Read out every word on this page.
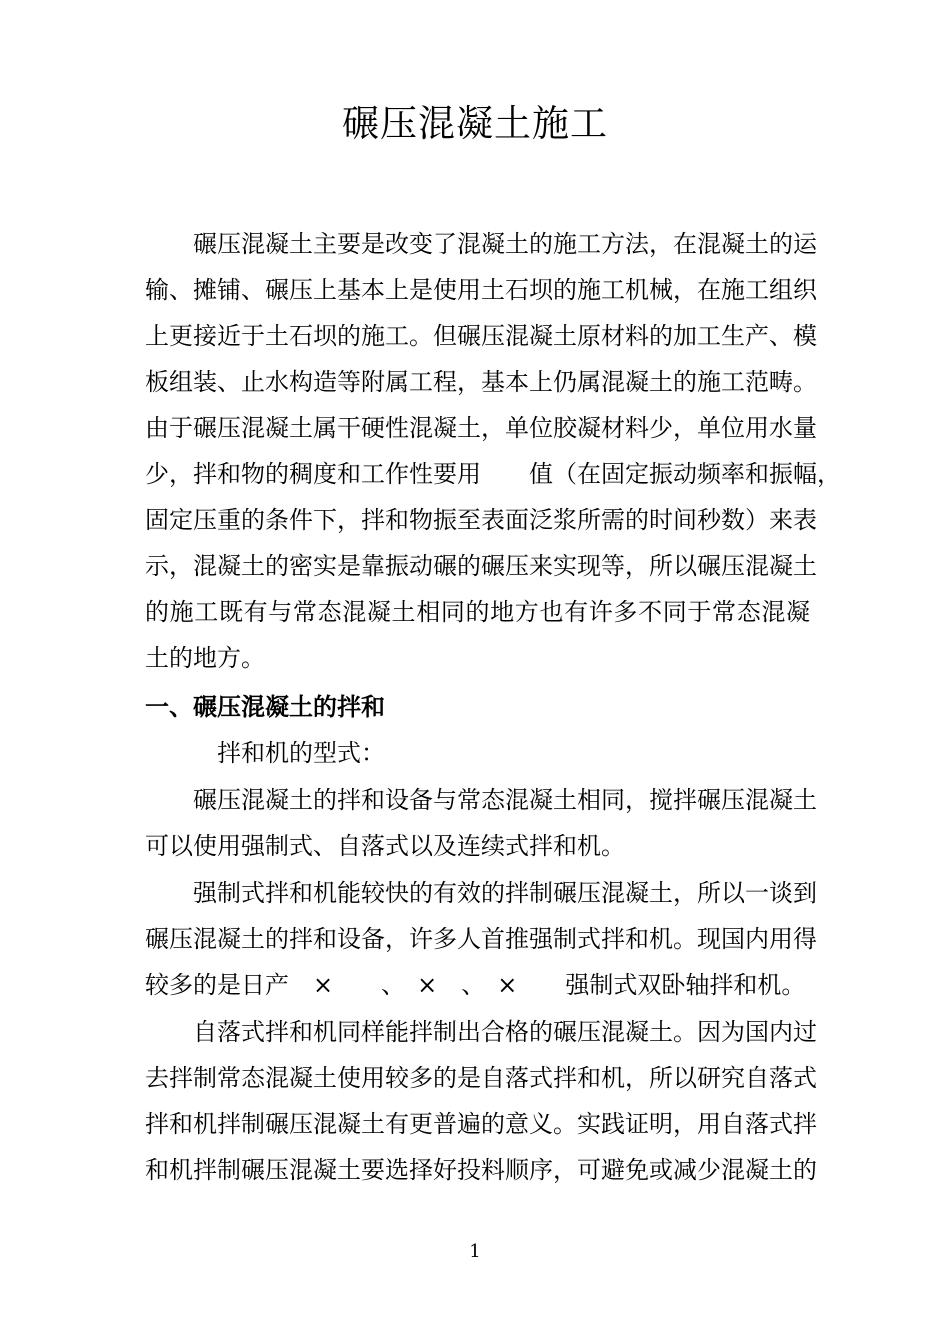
碾压混凝土施工
碾压混凝土主要是改变了混凝土的施工方法，在混凝土的运
输、摊铺、碾压上基本上是使用土石坝的施工机械，在施工组织
上更接近于土石坝的施工。但碾压混凝土原材料的加工生产、模
板组装、止水构造等附属工程，基本上仍属混凝土的施工范畴。
由于碾压混凝土属干硬性混凝土，单位胶凝材料少，单位用水量
少，拌和物的稠度和工作性要用　　值（在固定振动频率和振幅，
固定压重的条件下，拌和物振至表面泛浆所需的时间秒数）来表
示，混凝土的密实是靠振动碾的碾压来实现等，所以碾压混凝土
的施工既有与常态混凝土相同的地方也有许多不同于常态混凝
土的地方。
一、碾压混凝土的拌和
拌和机的型式：
碾压混凝土的拌和设备与常态混凝土相同，搅拌碾压混凝土
可以使用强制式、自落式以及连续式拌和机。
强制式拌和机能较快的有效的拌制碾压混凝土，所以一谈到
碾压混凝土的拌和设备，许多人首推强制式拌和机。现国内用得
较多的是日产　×　　、　×　、　×　　强制式双卧轴拌和机。
自落式拌和机同样能拌制出合格的碾压混凝土。因为国内过
去拌制常态混凝土使用较多的是自落式拌和机，所以研究自落式
拌和机拌制碾压混凝土有更普遍的意义。实践证明，用自落式拌
和机拌制碾压混凝土要选择好投料顺序，可避免或减少混凝土的
1
